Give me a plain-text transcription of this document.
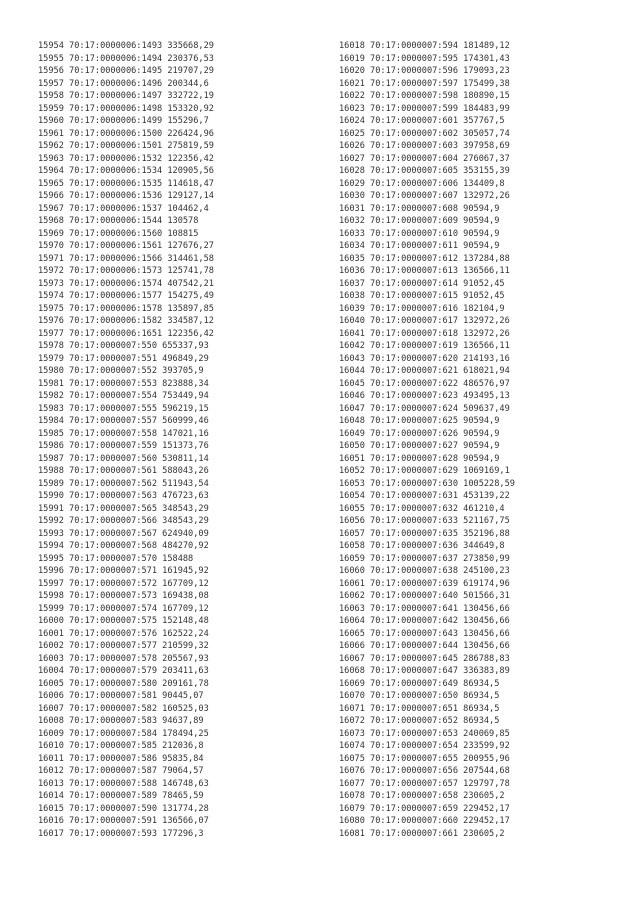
15954 70:17:0000006:1493 335668,29
15955 70:17:0000006:1494 230376,53
15956 70:17:0000006:1495 219707,29
15957 70:17:0000006:1496 200344,6
15958 70:17:0000006:1497 332722,19
15959 70:17:0000006:1498 153320,92
15960 70:17:0000006:1499 155296,7
15961 70:17:0000006:1500 226424,96
15962 70:17:0000006:1501 275819,59
15963 70:17:0000006:1532 122356,42
15964 70:17:0000006:1534 120905,56
15965 70:17:0000006:1535 114618,47
15966 70:17:0000006:1536 129127,14
15967 70:17:0000006:1537 104462,4
15968 70:17:0000006:1544 130578
15969 70:17:0000006:1560 108815
15970 70:17:0000006:1561 127676,27
15971 70:17:0000006:1566 314461,58
15972 70:17:0000006:1573 125741,78
15973 70:17:0000006:1574 407542,21
15974 70:17:0000006:1577 154275,49
15975 70:17:0000006:1578 135897,85
15976 70:17:0000006:1582 334587,12
15977 70:17:0000006:1651 122356,42
15978 70:17:0000007:550 655337,93
15979 70:17:0000007:551 496849,29
15980 70:17:0000007:552 393705,9
15981 70:17:0000007:553 823888,34
15982 70:17:0000007:554 753449,94
15983 70:17:0000007:555 596219,15
15984 70:17:0000007:557 560999,46
15985 70:17:0000007:558 147021,16
15986 70:17:0000007:559 151373,76
15987 70:17:0000007:560 530811,14
15988 70:17:0000007:561 588043,26
15989 70:17:0000007:562 511943,54
15990 70:17:0000007:563 476723,63
15991 70:17:0000007:565 348543,29
15992 70:17:0000007:566 348543,29
15993 70:17:0000007:567 624940,09
15994 70:17:0000007:568 484270,92
15995 70:17:0000007:570 158488
15996 70:17:0000007:571 161945,92
15997 70:17:0000007:572 167709,12
15998 70:17:0000007:573 169438,08
15999 70:17:0000007:574 167709,12
16000 70:17:0000007:575 152148,48
16001 70:17:0000007:576 162522,24
16002 70:17:0000007:577 210599,32
16003 70:17:0000007:578 205567,93
16004 70:17:0000007:579 203411,63
16005 70:17:0000007:580 209161,78
16006 70:17:0000007:581 90445,07
16007 70:17:0000007:582 160525,03
16008 70:17:0000007:583 94637,89
16009 70:17:0000007:584 178494,25
16010 70:17:0000007:585 212036,8
16011 70:17:0000007:586 95835,84
16012 70:17:0000007:587 79064,57
16013 70:17:0000007:588 146748,63
16014 70:17:0000007:589 78465,59
16015 70:17:0000007:590 131774,28
16016 70:17:0000007:591 136566,07
16017 70:17:0000007:593 177296,3
16018 70:17:0000007:594 181489,12
16019 70:17:0000007:595 174301,43
16020 70:17:0000007:596 179093,23
16021 70:17:0000007:597 175499,38
16022 70:17:0000007:598 180890,15
16023 70:17:0000007:599 184483,99
16024 70:17:0000007:601 357767,5
16025 70:17:0000007:602 305057,74
16026 70:17:0000007:603 397958,69
16027 70:17:0000007:604 276067,37
16028 70:17:0000007:605 353155,39
16029 70:17:0000007:606 134409,8
16030 70:17:0000007:607 132972,26
16031 70:17:0000007:608 90594,9
16032 70:17:0000007:609 90594,9
16033 70:17:0000007:610 90594,9
16034 70:17:0000007:611 90594,9
16035 70:17:0000007:612 137284,88
16036 70:17:0000007:613 136566,11
16037 70:17:0000007:614 91052,45
16038 70:17:0000007:615 91052,45
16039 70:17:0000007:616 182104,9
16040 70:17:0000007:617 132972,26
16041 70:17:0000007:618 132972,26
16042 70:17:0000007:619 136566,11
16043 70:17:0000007:620 214193,16
16044 70:17:0000007:621 618021,94
16045 70:17:0000007:622 486576,97
16046 70:17:0000007:623 493495,13
16047 70:17:0000007:624 509637,49
16048 70:17:0000007:625 90594,9
16049 70:17:0000007:626 90594,9
16050 70:17:0000007:627 90594,9
16051 70:17:0000007:628 90594,9
16052 70:17:0000007:629 1069169,1
16053 70:17:0000007:630 1005228,59
16054 70:17:0000007:631 453139,22
16055 70:17:0000007:632 461210,4
16056 70:17:0000007:633 521167,75
16057 70:17:0000007:635 352196,88
16058 70:17:0000007:636 344649,8
16059 70:17:0000007:637 273850,99
16060 70:17:0000007:638 245100,23
16061 70:17:0000007:639 619174,96
16062 70:17:0000007:640 501566,31
16063 70:17:0000007:641 130456,66
16064 70:17:0000007:642 130456,66
16065 70:17:0000007:643 130456,66
16066 70:17:0000007:644 130456,66
16067 70:17:0000007:645 286788,83
16068 70:17:0000007:647 336383,89
16069 70:17:0000007:649 86934,5
16070 70:17:0000007:650 86934,5
16071 70:17:0000007:651 86934,5
16072 70:17:0000007:652 86934,5
16073 70:17:0000007:653 240069,85
16074 70:17:0000007:654 233599,92
16075 70:17:0000007:655 200955,96
16076 70:17:0000007:656 207544,68
16077 70:17:0000007:657 129797,78
16078 70:17:0000007:658 230605,2
16079 70:17:0000007:659 229452,17
16080 70:17:0000007:660 229452,17
16081 70:17:0000007:661 230605,2
